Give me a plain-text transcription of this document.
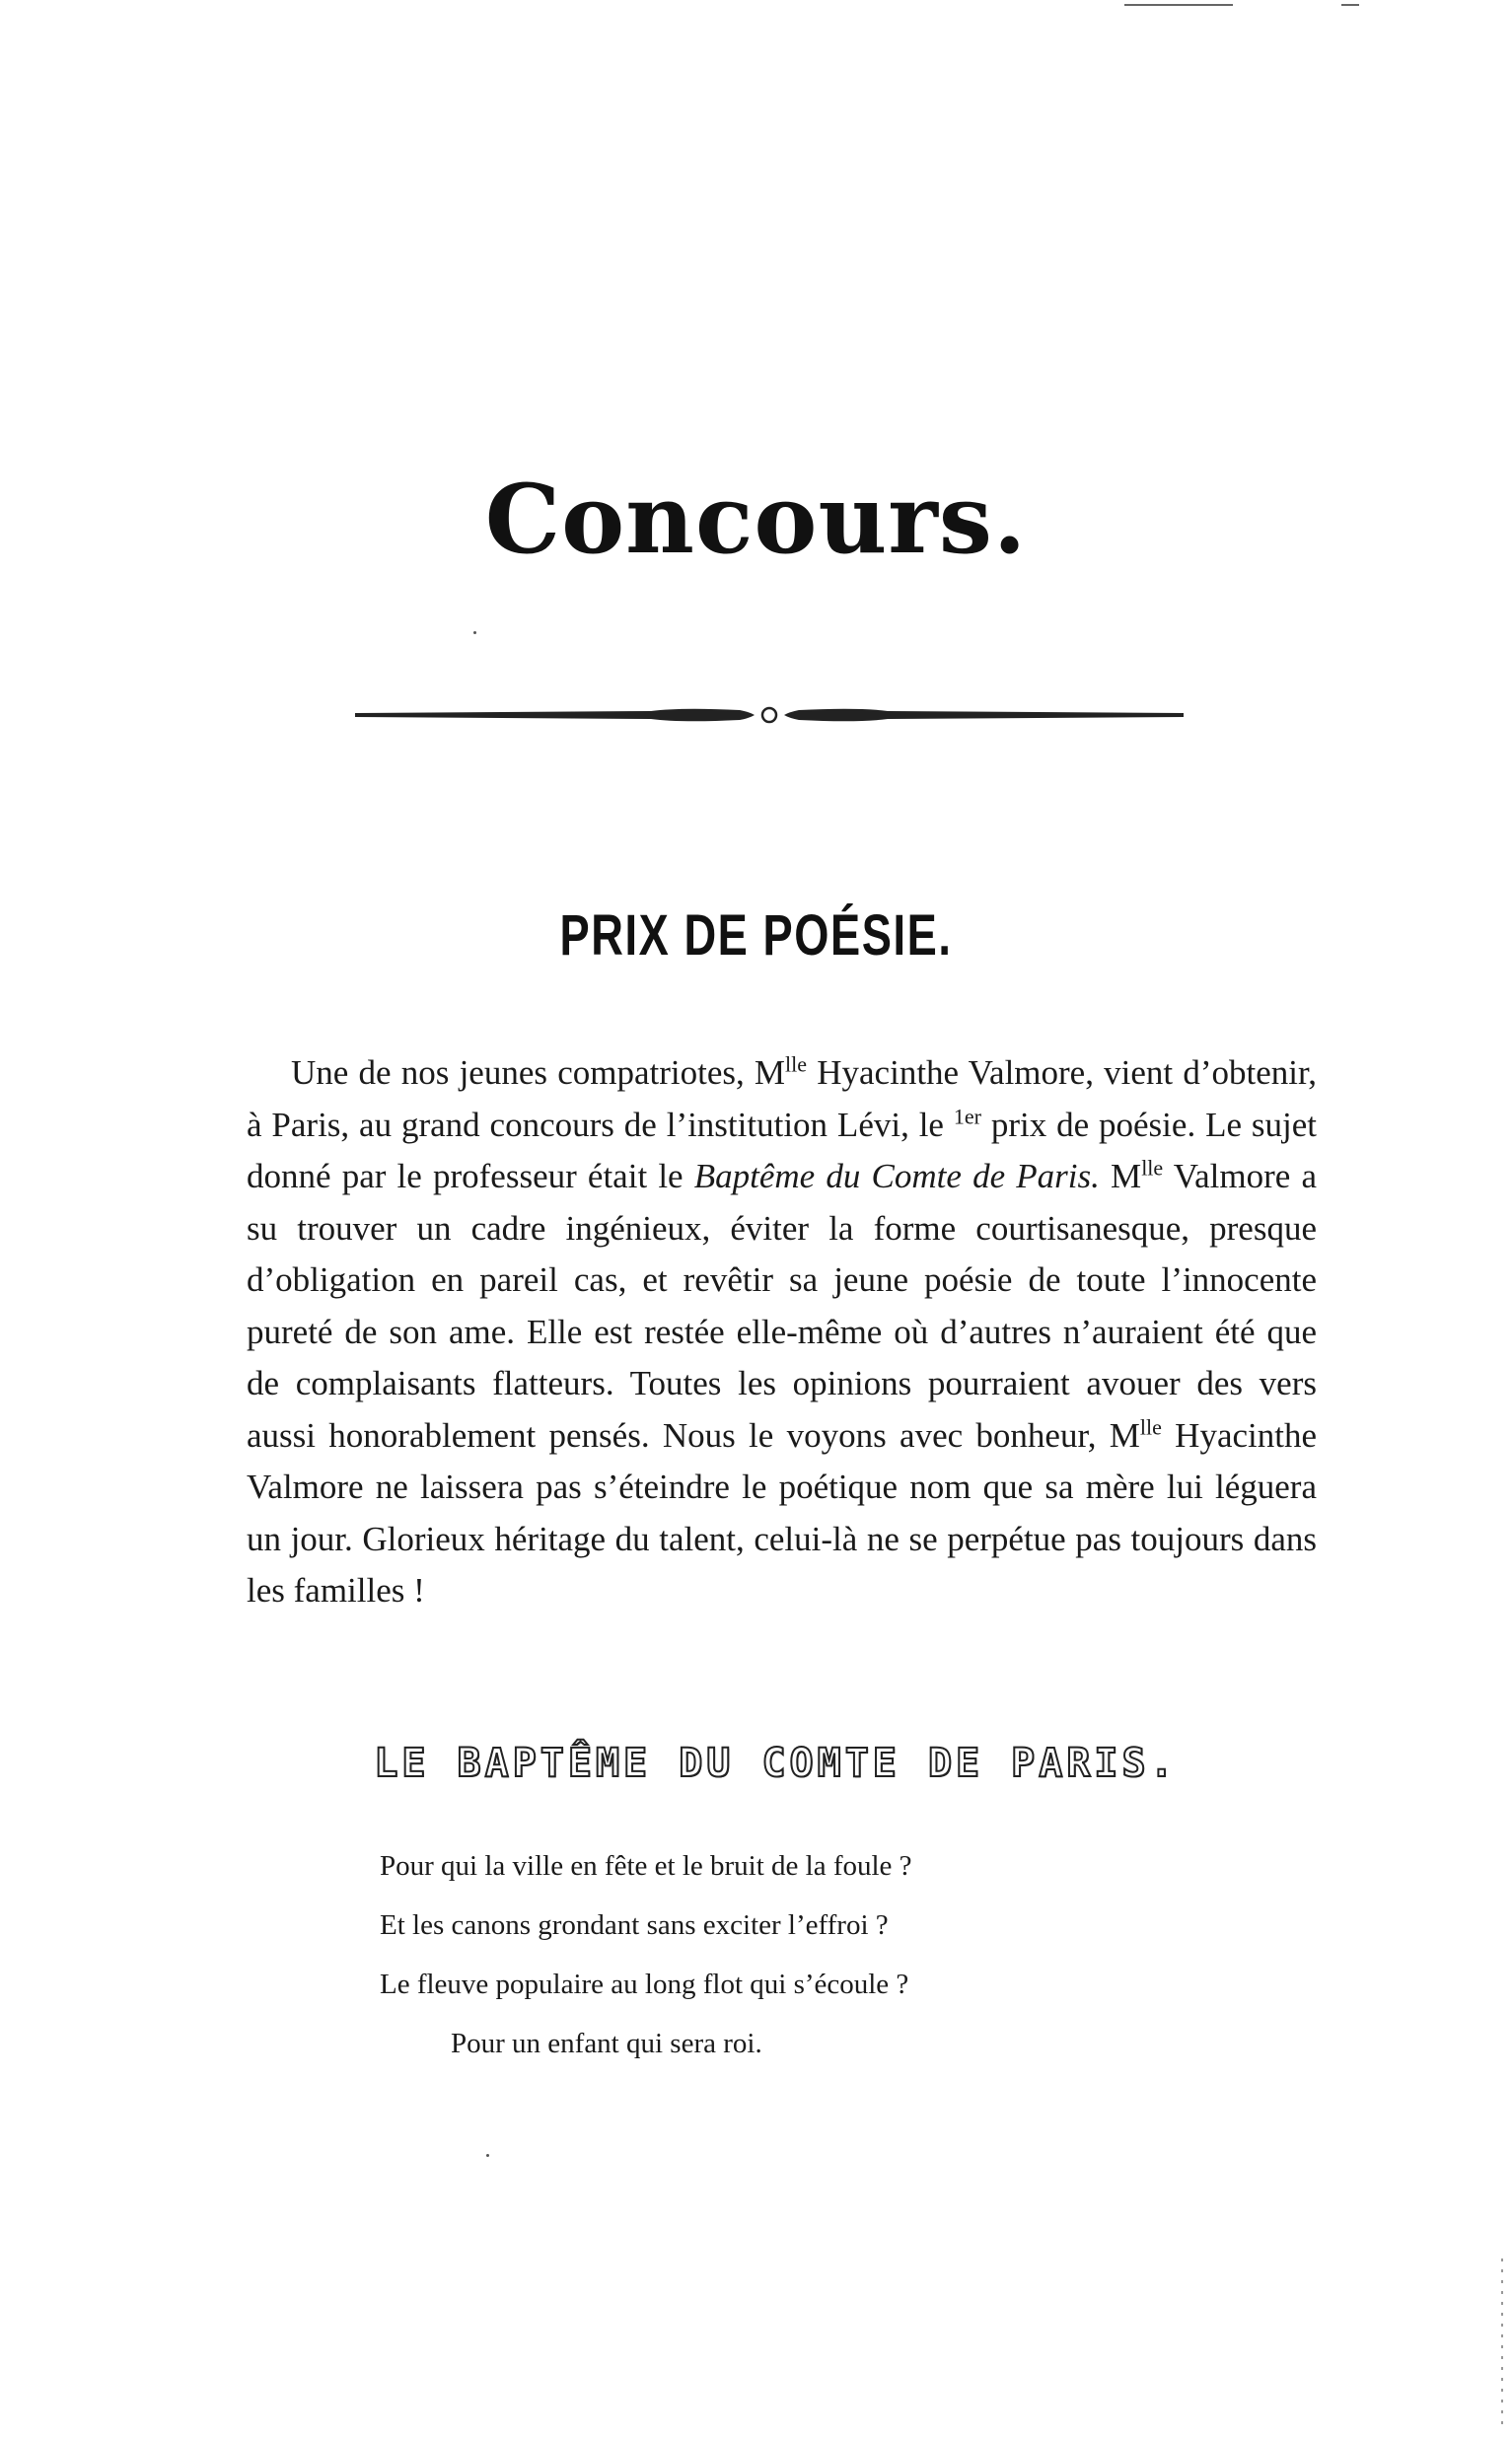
Concours.
PRIX DE POÉSIE.
Une de nos jeunes compatriotes, $M^{lle}$ Hyacinthe Valmore, vient d’obtenir, à Paris, au grand concours de l’institution Lévi, le $^{1er}$ prix de poésie. Le sujet donné par le professeur était le Baptême du Comte de Paris. $M^{lle}$ Valmore a su trouver un cadre ingénieux, éviter la forme courtisanesque, presque d’obligation en pareil cas, et revêtir sa jeune poésie de toute l’innocente pureté de son ame. Elle est restée elle-même où d’autres n’auraient été que de complaisants flatteurs. Toutes les opinions pourraient avouer des vers aussi honorablement pensés. Nous le voyons avec bonheur, $M^{lle}$ Hyacinthe Valmore ne laissera pas s’éteindre le poétique nom que sa mère lui léguera un jour. Glorieux héritage du talent, celui-là ne se perpétue pas toujours dans les familles !
LE BAPTÊME DU COMTE DE PARIS.
Pour qui la ville en fête et le bruit de la foule ?
Et les canons grondant sans exciter l’effroi ?
Le fleuve populaire au long flot qui s’écoule ?
Pour un enfant qui sera roi.
